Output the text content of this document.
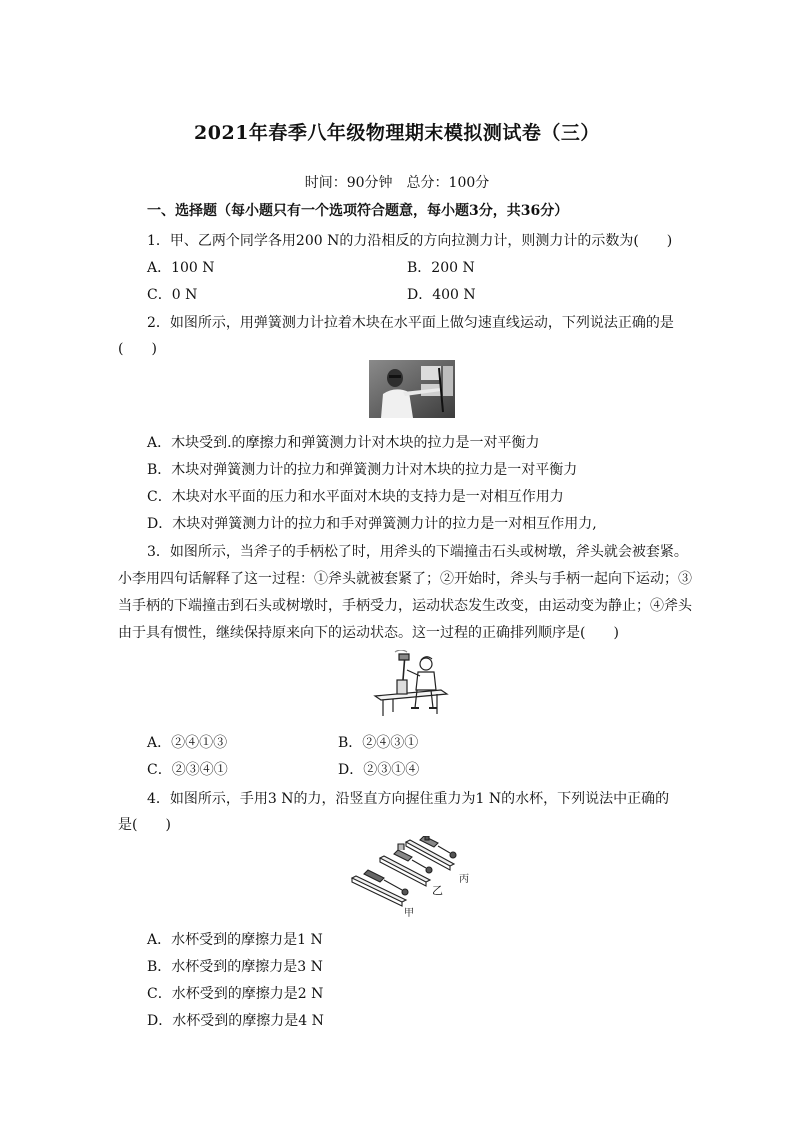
2021年春季八年级物理期末模拟测试卷（三）
时间：90分钟　总分：100分
一、选择题（每小题只有一个选项符合题意，每小题3分，共36分）
1．甲、乙两个同学各用200 N的力沿相反的方向拉测力计，则测力计的示数为(　　)
A．100 N	B．200 N
C．0 N	D．400 N
2．如图所示，用弹簧测力计拉着木块在水平面上做匀速直线运动，下列说法正确的是
(　　)
A．木块受到.的摩擦力和弹簧测力计对木块的拉力是一对平衡力
B．木块对弹簧测力计的拉力和弹簧测力计对木块的拉力是一对平衡力
C．木块对水平面的压力和水平面对木块的支持力是一对相互作用力
D．木块对弹簧测力计的拉力和手对弹簧测力计的拉力是一对相互作用力,
3．如图所示，当斧子的手柄松了时，用斧头的下端撞击石头或树墩，斧头就会被套紧。
小李用四句话解释了这一过程：①斧头就被套紧了；②开始时，斧头与手柄一起向下运动；③
当手柄的下端撞击到石头或树墩时，手柄受力，运动状态发生改变，由运动变为静止；④斧头
由于具有惯性，继续保持原来向下的运动状态。这一过程的正确排列顺序是(　　)
A．②④①③	B．②④③①
C．②③④①	D．②③①④
4．如图所示，手用3 N的力，沿竖直方向握住重力为1 N的水杯，下列说法中正确的
是(　　)
甲
乙
丙
A．水杯受到的摩擦力是1 N
B．水杯受到的摩擦力是3 N
C．水杯受到的摩擦力是2 N
D．水杯受到的摩擦力是4 N
